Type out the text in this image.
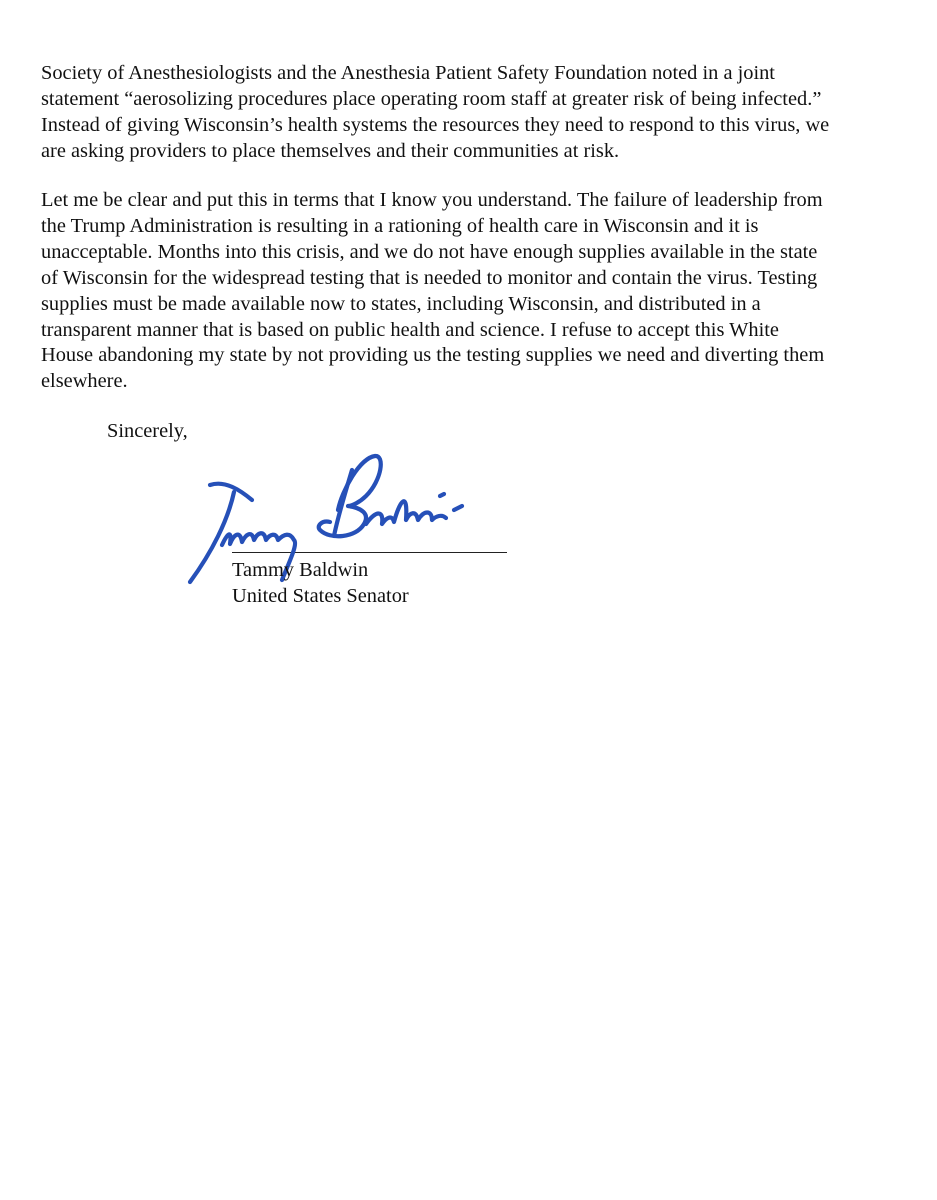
Society of Anesthesiologists and the Anesthesia Patient Safety Foundation noted in a joint
statement “aerosolizing procedures place operating room staff at greater risk of being infected.”
Instead of giving Wisconsin’s health systems the resources they need to respond to this virus, we
are asking providers to place themselves and their communities at risk.
Let me be clear and put this in terms that I know you understand. The failure of leadership from
the Trump Administration is resulting in a rationing of health care in Wisconsin and it is
unacceptable. Months into this crisis, and we do not have enough supplies available in the state
of Wisconsin for the widespread testing that is needed to monitor and contain the virus. Testing
supplies must be made available now to states, including Wisconsin, and distributed in a
transparent manner that is based on public health and science. I refuse to accept this White
House abandoning my state by not providing us the testing supplies we need and diverting them
elsewhere.

Sincerely,

Tammy Baldwin
United States Senator
